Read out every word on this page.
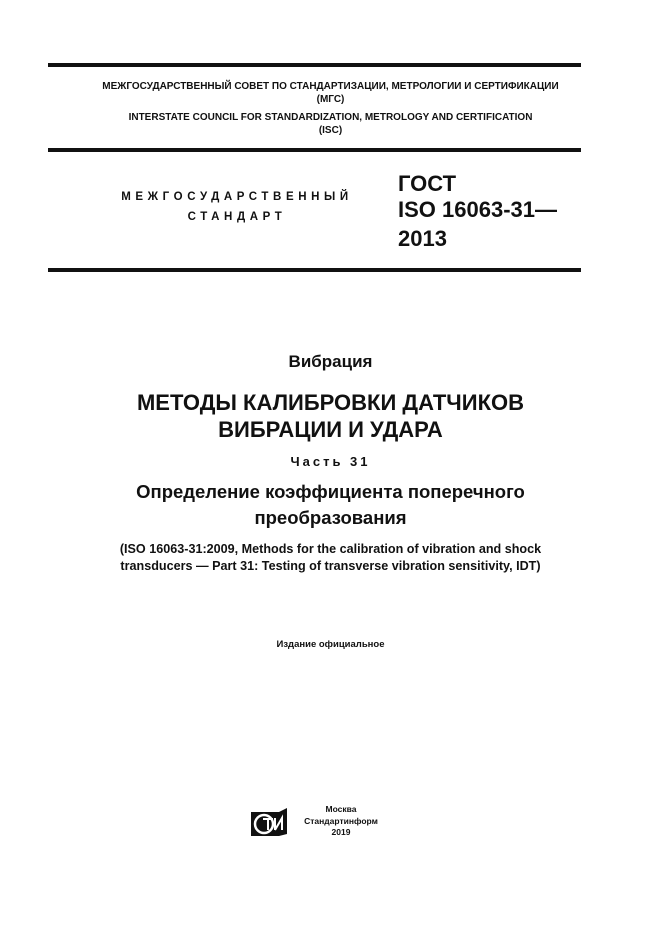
МЕЖГОСУДАРСТВЕННЫЙ СОВЕТ ПО СТАНДАРТИЗАЦИИ, МЕТРОЛОГИИ И СЕРТИФИКАЦИИ
(МГС)
INTERSTATE COUNCIL FOR STANDARDIZATION, METROLOGY AND CERTIFICATION
(ISC)
МЕЖГОСУДАРСТВЕННЫЙ
СТАНДАРТ
ГОСТ
ISO 16063-31—
2013
Вибрация
МЕТОДЫ КАЛИБРОВКИ ДАТЧИКОВ
ВИБРАЦИИ И УДАРА
Часть 31
Определение коэффициента поперечного
преобразования
(ISO 16063-31:2009, Methods for the calibration of vibration and shock
transducers — Part 31: Testing of transverse vibration sensitivity, IDT)
Издание официальное
Москва
Стандартинформ
2019
